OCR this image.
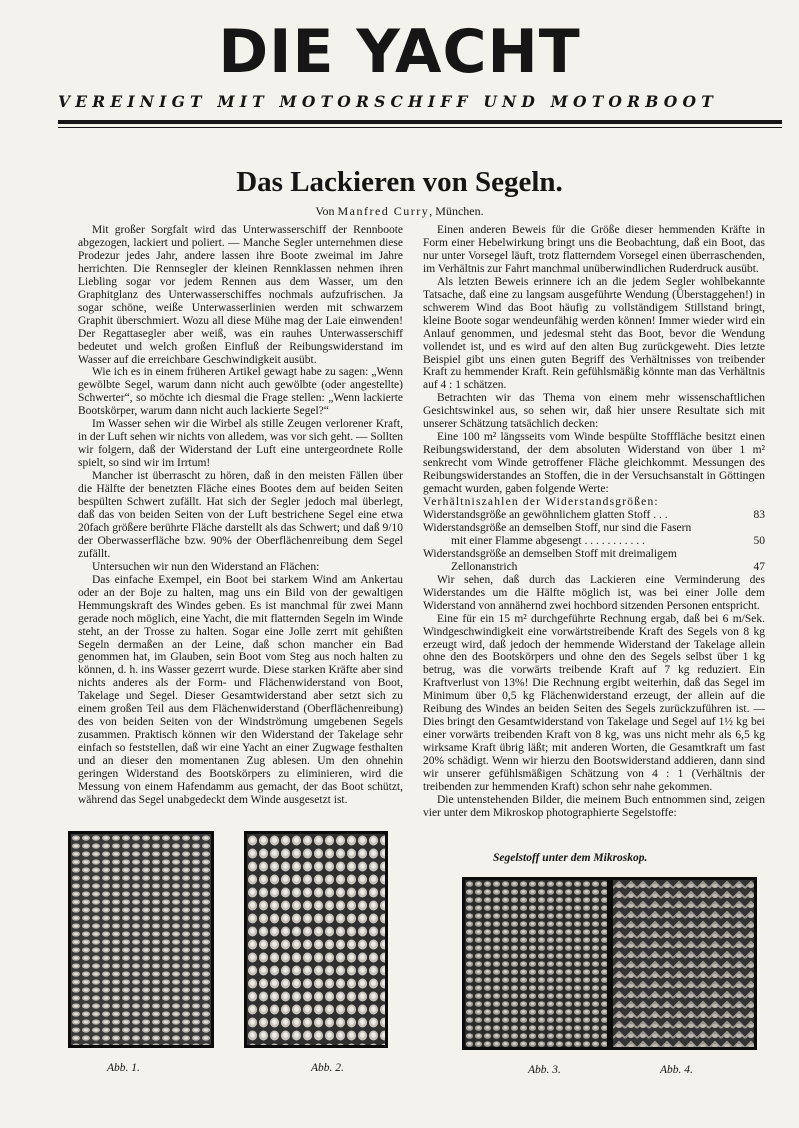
DIE YACHT
VEREINIGT MIT MOTORSCHIFF UND MOTORBOOT
Das Lackieren von Segeln.
Von Manfred Curry, München.

Mit großer Sorgfalt wird das Unterwasserschiff der Rennboote abgezogen, lackiert und poliert. — Manche Segler unternehmen diese Prodezur jedes Jahr, andere lassen ihre Boote zweimal im Jahre herrichten. Die Rennsegler der kleinen Rennklassen nehmen ihren Liebling sogar vor jedem Rennen aus dem Wasser, um den Graphitglanz des Unterwasserschiffes nochmals aufzufrischen. Ja sogar schöne, weiße Unterwasserlinien werden mit schwarzem Graphit überschmiert. Wozu all diese Mühe mag der Laie einwenden! Der Regattasegler aber weiß, was ein rauhes Unterwasserschiff bedeutet und welch großen Einfluß der Reibungswiderstand im Wasser auf die erreichbare Geschwindigkeit ausübt.

Wie ich es in einem früheren Artikel gewagt habe zu sagen: „Wenn gewölbte Segel, warum dann nicht auch gewölbte (oder angestellte) Schwerter“, so möchte ich diesmal die Frage stellen: „Wenn lackierte Bootskörper, warum dann nicht auch lackierte Segel?“

Im Wasser sehen wir die Wirbel als stille Zeugen verlorener Kraft, in der Luft sehen wir nichts von alledem, was vor sich geht. — Sollten wir folgern, daß der Widerstand der Luft eine untergeordnete Rolle spielt, so sind wir im Irrtum!

Mancher ist überrascht zu hören, daß in den meisten Fällen über die Hälfte der benetzten Fläche eines Bootes dem auf beiden Seiten bespülten Schwert zufällt. Hat sich der Segler jedoch mal überlegt, daß das von beiden Seiten von der Luft bestrichene Segel eine etwa 20fach größere berührte Fläche darstellt als das Schwert; und daß 9/10 der Oberwasserfläche bzw. 90% der Oberflächenreibung dem Segel zufällt.

Untersuchen wir nun den Widerstand an Flächen:

Das einfache Exempel, ein Boot bei starkem Wind am Ankertau oder an der Boje zu halten, mag uns ein Bild von der gewaltigen Hemmungskraft des Windes geben. Es ist manchmal für zwei Mann gerade noch möglich, eine Yacht, die mit flatternden Segeln im Winde steht, an der Trosse zu halten. Sogar eine Jolle zerrt mit gehißten Segeln dermaßen an der Leine, daß schon mancher ein Bad genommen hat, im Glauben, sein Boot vom Steg aus noch halten zu können, d. h. ins Wasser gezerrt wurde. Diese starken Kräfte aber sind nichts anderes als der Form- und Flächenwiderstand von Boot, Takelage und Segel. Dieser Gesamtwiderstand aber setzt sich zu einem großen Teil aus dem Flächenwiderstand (Oberflächenreibung) des von beiden Seiten von der Windströmung umgebenen Segels zusammen. Praktisch können wir den Widerstand der Takelage sehr einfach so feststellen, daß wir eine Yacht an einer Zugwage festhalten und an dieser den momentanen Zug ablesen. Um den ohnehin geringen Widerstand des Bootskörpers zu eliminieren, wird die Messung von einem Hafendamm aus gemacht, der das Boot schützt, während das Segel unabgedeckt dem Winde ausgesetzt ist.

Einen anderen Beweis für die Größe dieser hemmenden Kräfte in Form einer Hebelwirkung bringt uns die Beobachtung, daß ein Boot, das nur unter Vorsegel läuft, trotz flatterndem Vorsegel einen überraschenden, im Verhältnis zur Fahrt manchmal unüberwindlichen Ruderdruck ausübt.

Als letzten Beweis erinnere ich an die jedem Segler wohlbekannte Tatsache, daß eine zu langsam ausgeführte Wendung (Überstaggehen!) in schwerem Wind das Boot häufig zu vollständigem Stillstand bringt, kleine Boote sogar wendeunfähig werden können! Immer wieder wird ein Anlauf genommen, und jedesmal steht das Boot, bevor die Wendung vollendet ist, und es wird auf den alten Bug zurückgeweht. Dies letzte Beispiel gibt uns einen guten Begriff des Verhältnisses von treibender Kraft zu hemmender Kraft. Rein gefühlsmäßig könnte man das Verhältnis auf 4 : 1 schätzen.

Betrachten wir das Thema von einem mehr wissenschaftlichen Gesichtswinkel aus, so sehen wir, daß hier unsere Resultate sich mit unserer Schätzung tatsächlich decken:

Eine 100 m² längsseits vom Winde bespülte Stofffläche besitzt einen Reibungswiderstand, der dem absoluten Widerstand von über 1 m² senkrecht vom Winde getroffener Fläche gleichkommt. Messungen des Reibungswiderstandes an Stoffen, die in der Versuchsanstalt in Göttingen gemacht wurden, gaben folgende Werte:

Verhältniszahlen der Widerstandsgrößen:

Widerstandsgröße an gewöhnlichem glatten Stoff . . .	83
Widerstandsgröße an demselben Stoff, nur sind die Fasern
mit einer Flamme abgesengt . . . . . . . . . . .	50
Widerstandsgröße an demselben Stoff mit dreimaligem
Zellonanstrich	47

Wir sehen, daß durch das Lackieren eine Verminderung des Widerstandes um die Hälfte möglich ist, was bei einer Jolle dem Widerstand von annähernd zwei hochbord sitzenden Personen entspricht.

Eine für ein 15 m² durchgeführte Rechnung ergab, daß bei 6 m/Sek. Windgeschwindigkeit eine vorwärtstreibende Kraft des Segels von 8 kg erzeugt wird, daß jedoch der hemmende Widerstand der Takelage allein ohne den des Bootskörpers und ohne den des Segels selbst über 1 kg betrug, was die vorwärts treibende Kraft auf 7 kg reduziert. Ein Kraftverlust von 13%! Die Rechnung ergibt weiterhin, daß das Segel im Minimum über 0,5 kg Flächenwiderstand erzeugt, der allein auf die Reibung des Windes an beiden Seiten des Segels zurückzuführen ist. — Dies bringt den Gesamtwiderstand von Takelage und Segel auf 1½ kg bei einer vorwärts treibenden Kraft von 8 kg, was uns nicht mehr als 6,5 kg wirksame Kraft übrig läßt; mit anderen Worten, die Gesamtkraft um fast 20% schädigt. Wenn wir hierzu den Bootswiderstand addieren, dann sind wir unserer gefühlsmäßigen Schätzung von 4 : 1 (Verhältnis der treibenden zur hemmenden Kraft) schon sehr nahe gekommen.

Die untenstehenden Bilder, die meinem Buch entnommen sind, zeigen vier unter dem Mikroskop photographierte Segelstoffe:

Segelstoff unter dem Mikroskop.
Abb. 1.	Abb. 2.	Abb. 3.	Abb. 4.
